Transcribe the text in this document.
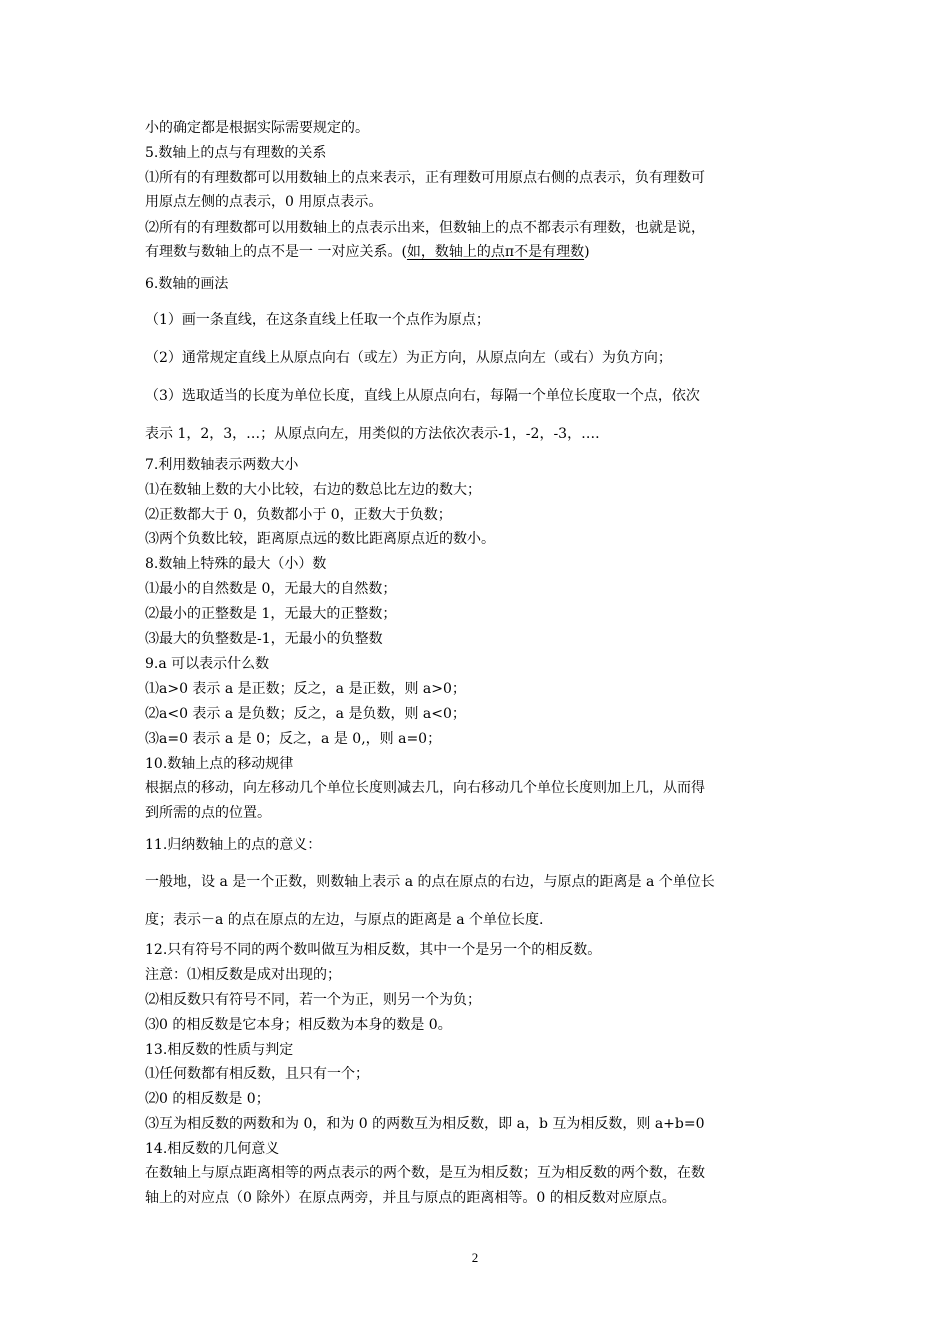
小的确定都是根据实际需要规定的。
5.数轴上的点与有理数的关系
⑴所有的有理数都可以用数轴上的点来表示，正有理数可用原点右侧的点表示，负有理数可
用原点左侧的点表示，0 用原点表示。
⑵所有的有理数都可以用数轴上的点表示出来，但数轴上的点不都表示有理数，也就是说，
有理数与数轴上的点不是一 一对应关系。(如，数轴上的点π不是有理数)
6.数轴的画法
（1）画一条直线，在这条直线上任取一个点作为原点；
（2）通常规定直线上从原点向右（或左）为正方向，从原点向左（或右）为负方向；
（3）选取适当的长度为单位长度，直线上从原点向右，每隔一个单位长度取一个点，依次
表示 1，2，3，…；从原点向左，用类似的方法依次表示-1，-2，-3，….
7.利用数轴表示两数大小
⑴在数轴上数的大小比较，右边的数总比左边的数大；
⑵正数都大于 0，负数都小于 0，正数大于负数；
⑶两个负数比较，距离原点远的数比距离原点近的数小。
8.数轴上特殊的最大（小）数
⑴最小的自然数是 0，无最大的自然数；
⑵最小的正整数是 1，无最大的正整数；
⑶最大的负整数是-1，无最小的负整数
9.a 可以表示什么数
⑴a>0 表示 a 是正数；反之，a 是正数，则 a>0；
⑵a<0 表示 a 是负数；反之，a 是负数，则 a<0；
⑶a=0 表示 a 是 0；反之，a 是 0,，则 a=0；
10.数轴上点的移动规律
根据点的移动，向左移动几个单位长度则减去几，向右移动几个单位长度则加上几，从而得
到所需的点的位置。
11.归纳数轴上的点的意义：
一般地，设 a 是一个正数，则数轴上表示 a 的点在原点的右边，与原点的距离是 a 个单位长
度；表示－a 的点在原点的左边，与原点的距离是 a 个单位长度.
12.只有符号不同的两个数叫做互为相反数，其中一个是另一个的相反数。
注意：⑴相反数是成对出现的；
⑵相反数只有符号不同，若一个为正，则另一个为负；
⑶0 的相反数是它本身；相反数为本身的数是 0。
13.相反数的性质与判定
⑴任何数都有相反数，且只有一个；
⑵0 的相反数是 0；
⑶互为相反数的两数和为 0，和为 0 的两数互为相反数，即 a，b 互为相反数，则 a+b=0
14.相反数的几何意义
在数轴上与原点距离相等的两点表示的两个数，是互为相反数；互为相反数的两个数，在数
轴上的对应点（0 除外）在原点两旁，并且与原点的距离相等。0 的相反数对应原点。
2
